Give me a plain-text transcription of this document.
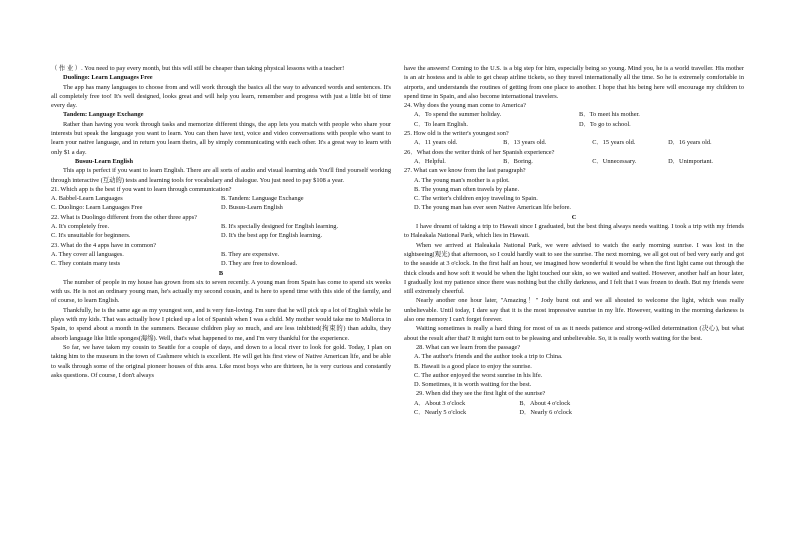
（ 作 业 ）. You need to pay every month, but this will still be cheaper than taking physical lessons with a teacher!

Duolingo: Learn Languages Free

The app has many languages to choose from and will work through the basics all the way to advanced words and sentences. It's all completely free too! It's well designed, looks great and will help you learn, remember and progress with just a little bit of time every day.

Tandem: Language Exchange

Rather than having you work through tasks and memorize different things, the app lets you match with people who share your interests but speak the language you want to learn. You can then have text, voice and video conversations with people who want to learn your native language, and in return you learn theirs, all by simply communicating with each other. It's a great way to learn with only $1 a day.

Busuu-Learn English

This app is perfect if you want to learn English. There are all sorts of audio and visual learning aids You'll find yourself working through interactive (互动的) tests and learning tools for vocabulary and dialogue. You just need to pay $108 a year.

21. Which app is the best if you want to learn through communication?

A. Babbel-Learn Languages	B. Tandem: Language Exchange
C. Duolingo: Learn Languages Free	D. Busuu-Learn English

22. What is Duolingo different from the other three apps?

A. It's completely free.	B. It's specially designed for English learning.
C. It's unsuitable for beginners.	D. It's the best app for English learning.

23. What do the 4 apps have in common?

A. They cover all languages.	B. They are expensive.
C. They contain many tests	D. They are free to download.

B

The number of people in my house has grown from six to seven recently. A young man from Spain has come to spend six weeks with us. He is not an ordinary young man, he's actually my second cousin, and is here to spend time with this side of the family, and of course, to learn English.

Thankfully, he is the same age as my youngest son, and is very fun-loving. I'm sure that he will pick up a lot of English while he plays with my kids. That was actually how I picked up a lot of Spanish when I was a child. My mother would take me to Mallorca in Spain, to spend about a month in the summers. Because children play so much, and are less inhibited(拘束的) than adults, they absorb language like little sponges(海绵). Well, that's what happened to me, and I'm very thankful for the experience.

So far, we have taken my cousin to Seattle for a couple of days, and down to a local river to look for gold. Today, I plan on taking him to the museum in the town of Cashmere which is excellent. He will get his first view of Native American life, and be able to walk through some of the original pioneer houses of this area. Like most boys who are thirteen, he is very curious and constantly asks questions. Of course, I don't always

have the answers! Coming to the U.S. is a big step for him, especially being so young. Mind you, he is a world traveller. His mother is an air hostess and is able to get cheap airline tickets, so they travel internationally all the time. So he is extremely comfortable in airports, and understands the routines of getting from one place to another. I hope that his being here will encourage my children to spend time in Spain, and also become international travelers.

24. Why does the young man come to America?

A．To spend the summer holiday.	B．To meet his mother.
C．To learn English.	D．To go to school.

25. How old is the writer's youngest son?

A．11 years old.	B．13 years old.	C．15 years old.	D．16 years old.

26．What does the writer think of her Spanish experience?

A．Helpful.	B．Boring.	C．Unnecessary.	D．Unimportant.

27. What can we know from the last paragraph?

A. The young man's mother is a pilot.

B. The young man often travels by plane.

C. The writer's children enjoy traveling to Spain.

D. The young man has ever seen Native American life before.

C

I have dreamt of taking a trip to Hawaii since I graduated, but the best thing always needs waiting. I took a trip with my friends to Haleakala National Park, which lies in Hawaii.

When we arrived at Haleakala National Park, we were advised to watch the early morning sunrise. I was lost in the sightseeing(观光) that afternoon, so I could hardly wait to see the sunrise. The next morning, we all got out of bed very early and got to the seaside at 3 o'clock. In the first half an hour, we imagined how wonderful it would be when the first light came out through the thick clouds and how soft it would be when the light touched our skin, so we waited and waited. However, another half an hour later, I gradually lost my patience since there was nothing but the chilly darkness, and I felt that I was frozen to death. But my friends were still extremely cheerful.

Nearly another one hour later, "Amazing！" Jody burst out and we all shouted to welcome the light, which was really unbelievable. Until today, I dare say that it is the most impressive sunrise in my life. However, waiting in the morning darkness is also one memory I can't forget forever.

Waiting sometimes is really a hard thing for most of us as it needs patience and strong-willed determination (决心), but what about the result after that? It might turn out to be pleasing and unbelievable. So, it is really worth waiting for the best.

28. What can we learn from the passage?

A. The author's friends and the author took a trip to China.

B. Hawaii is a good place to enjoy the sunrise.

C. The author enjoyed the worst sunrise in his life.

D. Sometimes, it is worth waiting for the best.

29. When did they see the first light of the sunrise?

A．About 3 o'clock	B．About 4 o'clock
C．Nearly 5 o'clock	D．Nearly 6 o'clock
